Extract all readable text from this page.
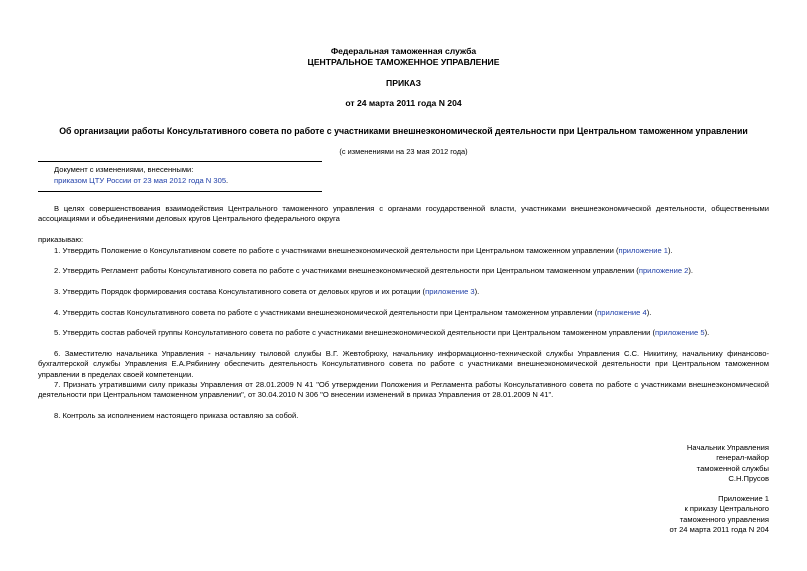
Федеральная таможенная служба
ЦЕНТРАЛЬНОЕ ТАМОЖЕННОЕ УПРАВЛЕНИЕ
ПРИКАЗ
от 24 марта 2011 года N 204
Об организации работы Консультативного совета по работе с участниками внешнеэкономической деятельности при Центральном таможенном управлении
(с изменениями на 23 мая 2012 года)
Документ с изменениями, внесенными:
приказом ЦТУ России от 23 мая 2012 года N 305.
В целях совершенствования взаимодействия Центрального таможенного управления с органами государственной власти, участниками внешнеэкономической деятельности, общественными ассоциациями и объединениями деловых кругов Центрального федерального округа
приказываю:
1. Утвердить Положение о Консультативном совете по работе с участниками внешнеэкономической деятельности при Центральном таможенном управлении (приложение 1).
2. Утвердить Регламент работы Консультативного совета по работе с участниками внешнеэкономической деятельности при Центральном таможенном управлении (приложение 2).
3. Утвердить Порядок формирования состава Консультативного совета от деловых кругов и их ротации (приложение 3).
4. Утвердить состав Консультативного совета по работе с участниками внешнеэкономической деятельности при Центральном таможенном управлении (приложение 4).
5. Утвердить состав рабочей группы Консультативного совета по работе с участниками внешнеэкономической деятельности при Центральном таможенном управлении (приложение 5).
6. Заместителю начальника Управления - начальнику тыловой службы В.Г. Жевтобрюху, начальнику информационно-технической службы Управления С.С. Никитину, начальнику финансово-бухгалтерской службы Управления Е.А.Рябинину обеспечить деятельность Консультативного совета по работе с участниками внешнеэкономической деятельности при Центральном таможенном управлении в пределах своей компетенции.
7. Признать утратившими силу приказы Управления от 28.01.2009 N 41 "Об утверждении Положения и Регламента работы Консультативного совета по работе с участниками внешнеэкономической деятельности при Центральном таможенном управлении", от 30.04.2010 N 306 "О внесении изменений в приказ Управления от 28.01.2009 N 41".
8. Контроль за исполнением настоящего приказа оставляю за собой.
Начальник Управления
генерал-майор
таможенной службы
С.Н.Прусов
Приложение 1
к приказу Центрального
таможенного управления
от 24 марта 2011 года N 204
